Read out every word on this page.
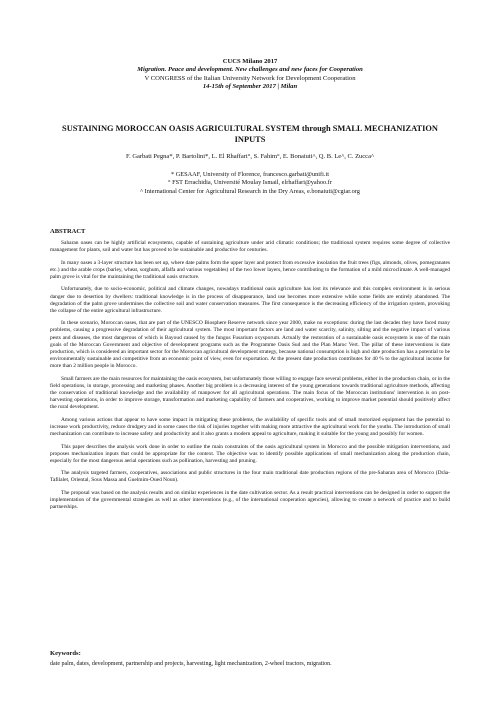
CUCS Milano 2017
Migration. Peace and development. New challenges and new faces for Cooperation
V CONGRESS of the Italian University Network for Development Cooperation
14-15th of September 2017 | Milan
SUSTAINING MOROCCAN OASIS AGRICULTURAL SYSTEM through SMALL MECHANIZATION INPUTS
F. Garbati Pegna*, P. Bartolini*, L. El Rhaffari°, S. Fahim°, E. Bonaiuti^, Q. B. Le^, C. Zucca^
* GESAAF, University of Florence, francesco.garbati@unifi.it
° FST Errachidia, Université Moulay Ismail, elrhaffari@yahoo.fr
^ International Center for Agricultural Research in the Dry Areas, e.bonaiuti@cgiar.org
ABSTRACT

Saharan oases can be highly artificial ecosystems, capable of sustaining agriculture under arid climatic conditions; the traditional system requires some degree of collective management for plants, soil and water but has proved to be sustainable and productive for centuries.

In many oases a 3-layer structure has been set up, where date palms form the upper layer and protect from excessive insolation the fruit trees (figs, almonds, olives, pomegranates etc.) and the arable crops (barley, wheat, sorghum, alfalfa and various vegetables) of the two lower layers, hence contributing to the formation of a mild microclimate. A well-managed palm grove is vital for the maintaining the traditional oasis structure.

Unfortunately, due to socio-economic, political and climate changes, nowadays traditional oasis agriculture has lost its relevance and this complex environment is in serious danger due to desertion by dwellers: traditional knowledge is in the process of disappearance, land use becomes more extensive while some fields are entirely abandoned. The degradation of the palm grove undermines the collective soil and water conservation measures. The first consequence is the decreasing efficiency of the irrigation system, provoking the collapse of the entire agricultural infrastructure.

In these scenario, Moroccan oases, that are part of the UNESCO Biosphere Reserve network since year 2000, make no exceptions: during the last decades they have faced many problems, causing a progressive degradation of their agricultural system. The most important factors are land and water scarcity, salinity, silting and the negative impact of various pests and diseases, the most dangerous of which is Bayoud caused by the fungus Fusarium oxysporum. Actually the restoration of a sustainable oasis ecosystem is one of the main goals of the Moroccan Government and objective of development programs such as the Programme Oasis Sud and the Plan Maroc Vert. The pillar of these interventions is date production, which is considered an important sector for the Moroccan agricultural development strategy, because national consumption is high and date production has a potential to be environmentally sustainable and competitive from an economic point of view, even for exportation. At the present date production contributes for 40 % to the agricultural income for more than 2 million people in Morocco.

Small farmers are the main resources for maintaining the oasis ecosystem, but unfortunately those willing to engage face several problems, either in the production chain, or in the field operations, in storage, processing and marketing phases. Another big problem is a decreasing interest of the young generations towards traditional agriculture methods, affecting the conservation of traditional knowledge and the availability of manpower for all agricultural operations. The main focus of the Moroccan institutions' intervention is on post-harvesting operations, in order to improve storage, transformation and marketing capability of farmers and cooperatives, working to improve market potential should positively affect the rural development.

Among various actions that appear to have some impact in mitigating these problems, the availability of specific tools and of small motorized equipment has the potential to increase work productivity, reduce drudgery and in some cases the risk of injuries together with making more attractive the agricultural work for the youths. The introduction of small mechanization can contribute to increase safety and productivity and it also grants a modern appeal to agriculture, making it suitable for the young and possibly for women.

This paper describes the analysis work done in order to outline the main constraints of the oasis agricultural system in Morocco and the possible mitigation interventions, and proposes mechanization inputs that could be appropriate for the context. The objective was to identify possible applications of small mechanization along the production chain, especially for the most dangerous aerial operations such as pollination, harvesting and pruning.

The analysis targeted farmers, cooperatives, associations and public structures in the four main traditional date production regions of the pre-Saharan area of Morocco (Drâa-Tafilalet, Oriental, Sous Massa and Guelmim-Oued Noun).

The proposal was based on the analysis results and on similar experiences in the date cultivation sector. As a result practical interventions can be designed in order to support the implementation of the governmental strategies as well as other interventions (e.g., of the international cooperation agencies), allowing to create a network of practice and to build partnerships.

Keywords:
date palm, dates, development, partnership and projects, harvesting, light mechanization, 2-wheel tractors, migration.
